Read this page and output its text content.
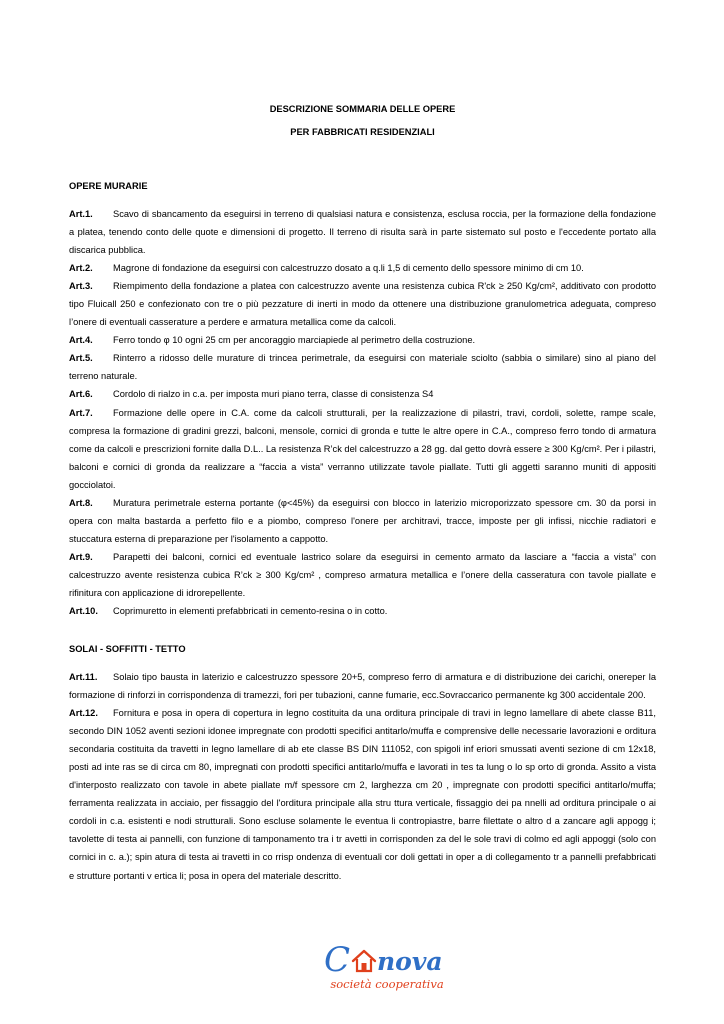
DESCRIZIONE SOMMARIA DELLE OPERE

PER FABBRICATI RESIDENZIALI

OPERE MURARIE

Art.1. Scavo di sbancamento da eseguirsi in terreno di qualsiasi natura e consistenza, esclusa roccia, per la formazione della fondazione a platea, tenendo conto delle quote e dimensioni di progetto. Il terreno di risulta sarà in parte sistemato sul posto e l'eccedente portato alla discarica pubblica.

Art.2. Magrone di fondazione da eseguirsi con calcestruzzo dosato a q.li 1,5 di cemento dello spessore minimo di cm 10.

Art.3. Riempimento della fondazione a platea con calcestruzzo avente una resistenza cubica R'ck ≥ 250 Kg/cm², additivato con prodotto tipo Fluicall 250 e confezionato con tre o più pezzature di inerti in modo da ottenere una distribuzione granulometrica adeguata, compreso l’onere di eventuali casserature a perdere e armatura metallica come da calcoli.

Art.4. Ferro tondo φ 10 ogni 25 cm per ancoraggio marciapiede al perimetro della costruzione.

Art.5. Rinterro a ridosso delle murature di trincea perimetrale, da eseguirsi con materiale sciolto (sabbia o similare) sino al piano del terreno naturale.

Art.6. Cordolo di rialzo in c.a. per imposta muri piano terra, classe di consistenza S4

Art.7. Formazione delle opere in C.A. come da calcoli strutturali, per la realizzazione di pilastri, travi, cordoli, solette, rampe scale, compresa la formazione di gradini grezzi, balconi, mensole, cornici di gronda e tutte le altre opere in C.A., compreso ferro tondo di armatura come da calcoli e prescrizioni fornite dalla D.L.. La resistenza R’ck del calcestruzzo a 28 gg. dal getto dovrà essere ≥ 300 Kg/cm². Per i pilastri, balconi e cornici di gronda da realizzare a “faccia a vista” verranno utilizzate tavole piallate. Tutti gli aggetti saranno muniti di appositi gocciolatoi.

Art.8. Muratura perimetrale esterna portante (φ<45%) da eseguirsi con blocco in laterizio microporizzato spessore cm. 30 da porsi in opera con malta bastarda a perfetto filo e a piombo, compreso l'onere per architravi, tracce, imposte per gli infissi, nicchie radiatori e stuccatura esterna di preparazione per l'isolamento a cappotto.

Art.9. Parapetti dei balconi, cornici ed eventuale lastrico solare da eseguirsi in cemento armato da lasciare a “faccia a vista” con calcestruzzo avente resistenza cubica R’ck ≥ 300 Kg/cm² , compreso armatura metallica e l’onere della casseratura con tavole piallate e rifinitura con applicazione di idrorepellente.

Art.10. Coprimuretto in elementi prefabbricati in cemento-resina o in cotto.

SOLAI - SOFFITTI - TETTO

Art.11. Solaio tipo bausta in laterizio e calcestruzzo spessore 20+5, compreso ferro di armatura e di distribuzione dei carichi, onereper la formazione di rinforzi in corrispondenza di tramezzi, fori per tubazioni, canne fumarie, ecc.Sovraccarico permanente kg 300 accidentale 200.

Art.12. Fornitura e posa in opera di copertura in legno costituita da una orditura principale di travi in legno lamellare di abete classe B11, secondo DIN 1052 aventi sezioni idonee impregnate con prodotti specifici antitarlo/muffa e comprensive delle necessarie lavorazioni e orditura secondaria costituita da travetti in legno lamellare di ab ete classe BS DIN 111052, con spigoli inf eriori smussati aventi sezione di cm 12x18, posti ad inte ras se di circa cm 80, impregnati con prodotti specifici antitarlo/muffa e lavorati in tes ta lung o lo sp orto di gronda. Assito a vista d'interposto realizzato con tavole in abete piallate m/f spessore cm 2, larghezza cm 20 , impregnate con prodotti specifici antitarlo/muffa; ferramenta realizzata in acciaio, per fissaggio del l'orditura principale alla stru ttura verticale, fissaggio dei pa nnelli ad orditura principale o ai cordoli in c.a. esistenti e nodi strutturali. Sono escluse solamente le eventua li contropiastre, barre filettate o altro d a zancare agli appogg i; tavolette di testa ai pannelli, con funzione di tamponamento tra i tr avetti in corrisponden za del le sole travi di colmo ed agli appoggi (solo con cornici in c. a.); spin atura di testa ai travetti in co rrisp ondenza di eventuali cor doli gettati in oper a di collegamento tr a pannelli prefabbricati e strutture portanti v ertica li; posa in opera del materiale descritto.

C nova
società cooperativa
